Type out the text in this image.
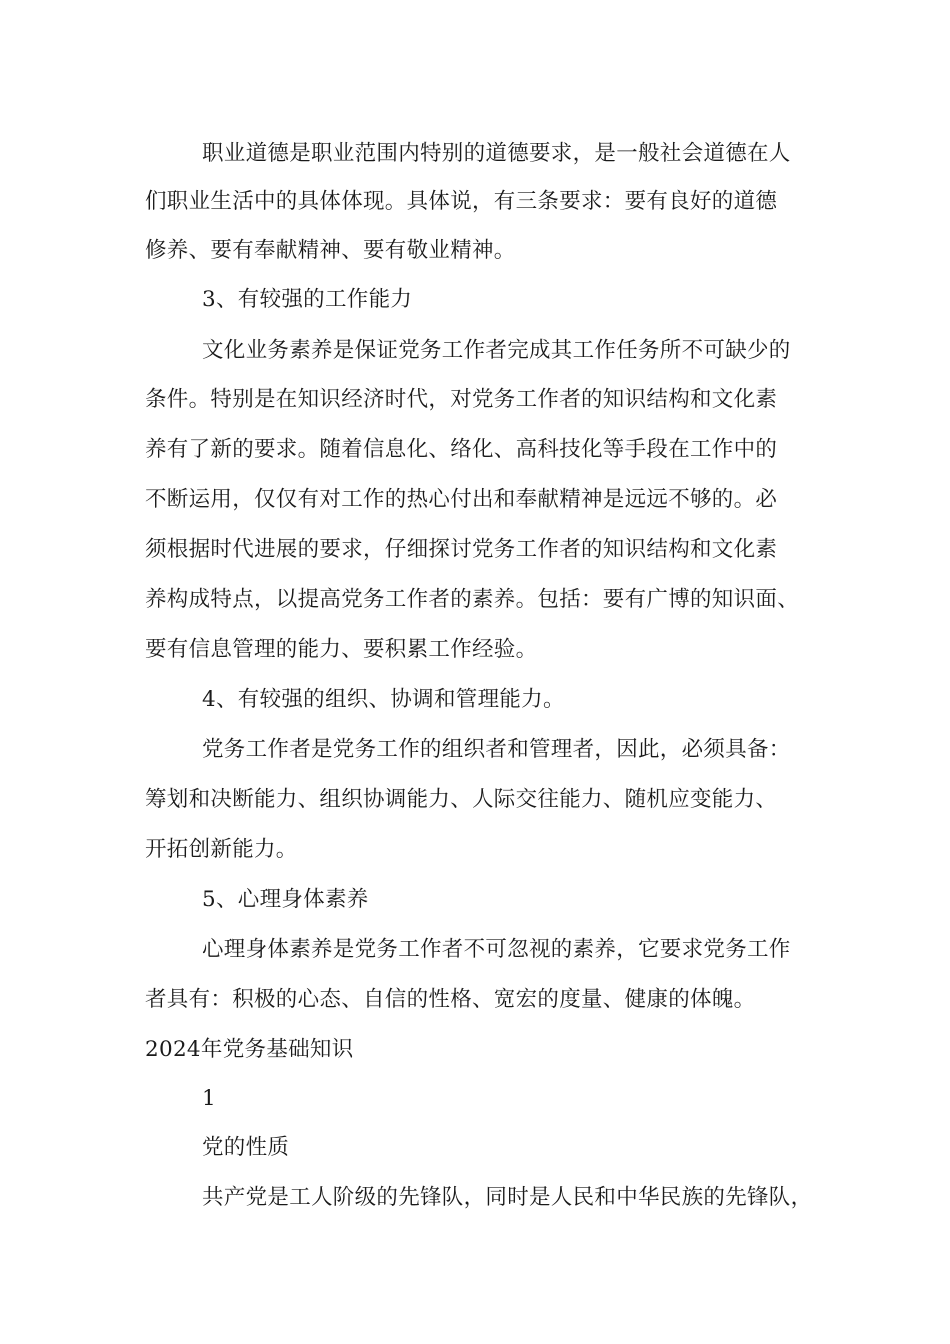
职业道德是职业范围内特别的道德要求，是一般社会道德在人
们职业生活中的具体体现。具体说，有三条要求：要有良好的道德
修养、要有奉献精神、要有敬业精神。
3、有较强的工作能力
文化业务素养是保证党务工作者完成其工作任务所不可缺少的
条件。特别是在知识经济时代，对党务工作者的知识结构和文化素
养有了新的要求。随着信息化、络化、高科技化等手段在工作中的
不断运用，仅仅有对工作的热心付出和奉献精神是远远不够的。必
须根据时代进展的要求，仔细探讨党务工作者的知识结构和文化素
养构成特点，以提高党务工作者的素养。包括：要有广博的知识面、
要有信息管理的能力、要积累工作经验。
4、有较强的组织、协调和管理能力。
党务工作者是党务工作的组织者和管理者，因此，必须具备：
筹划和决断能力、组织协调能力、人际交往能力、随机应变能力、
开拓创新能力。
5、心理身体素养
心理身体素养是党务工作者不可忽视的素养，它要求党务工作
者具有：积极的心态、自信的性格、宽宏的度量、健康的体魄。
2024年党务基础知识
1
党的性质
共产党是工人阶级的先锋队，同时是人民和中华民族的先锋队，
